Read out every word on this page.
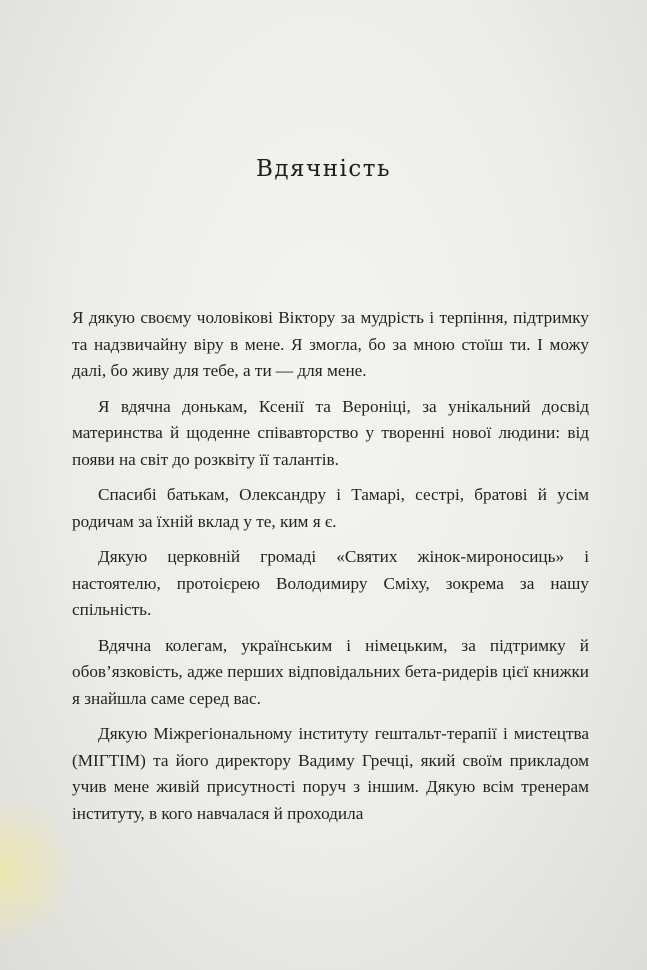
Вдячність

Я дякую своєму чоловікові Віктору за мудрість і терпіння, підтримку та надзвичайну віру в мене. Я змогла, бо за мною стоїш ти. І можу далі, бо живу для тебе, а ти — для мене.

Я вдячна донькам, Ксенії та Вероніці, за унікальний досвід материнства й щоденне співавторство у творенні нової людини: від появи на світ до розквіту її талантів.

Спасибі батькам, Олександру і Тамарі, сестрі, братові й усім родичам за їхній вклад у те, ким я є.

Дякую церковній громаді «Святих жінок-мироносиць» і настоятелю, протоієрею Володимиру Сміху, зокрема за нашу спільність.

Вдячна колегам, українським і німецьким, за підтримку й обов’язковість, адже перших відповідальних бета-ридерів цієї книжки я знайшла саме серед вас.

Дякую Міжрегіональному інституту гештальт-терапії і мистецтва (МІГТІМ) та його директору Вадиму Гречці, який своїм прикладом учив мене живій присутності поруч з іншим. Дякую всім тренерам інституту, в кого навчалася й проходила
